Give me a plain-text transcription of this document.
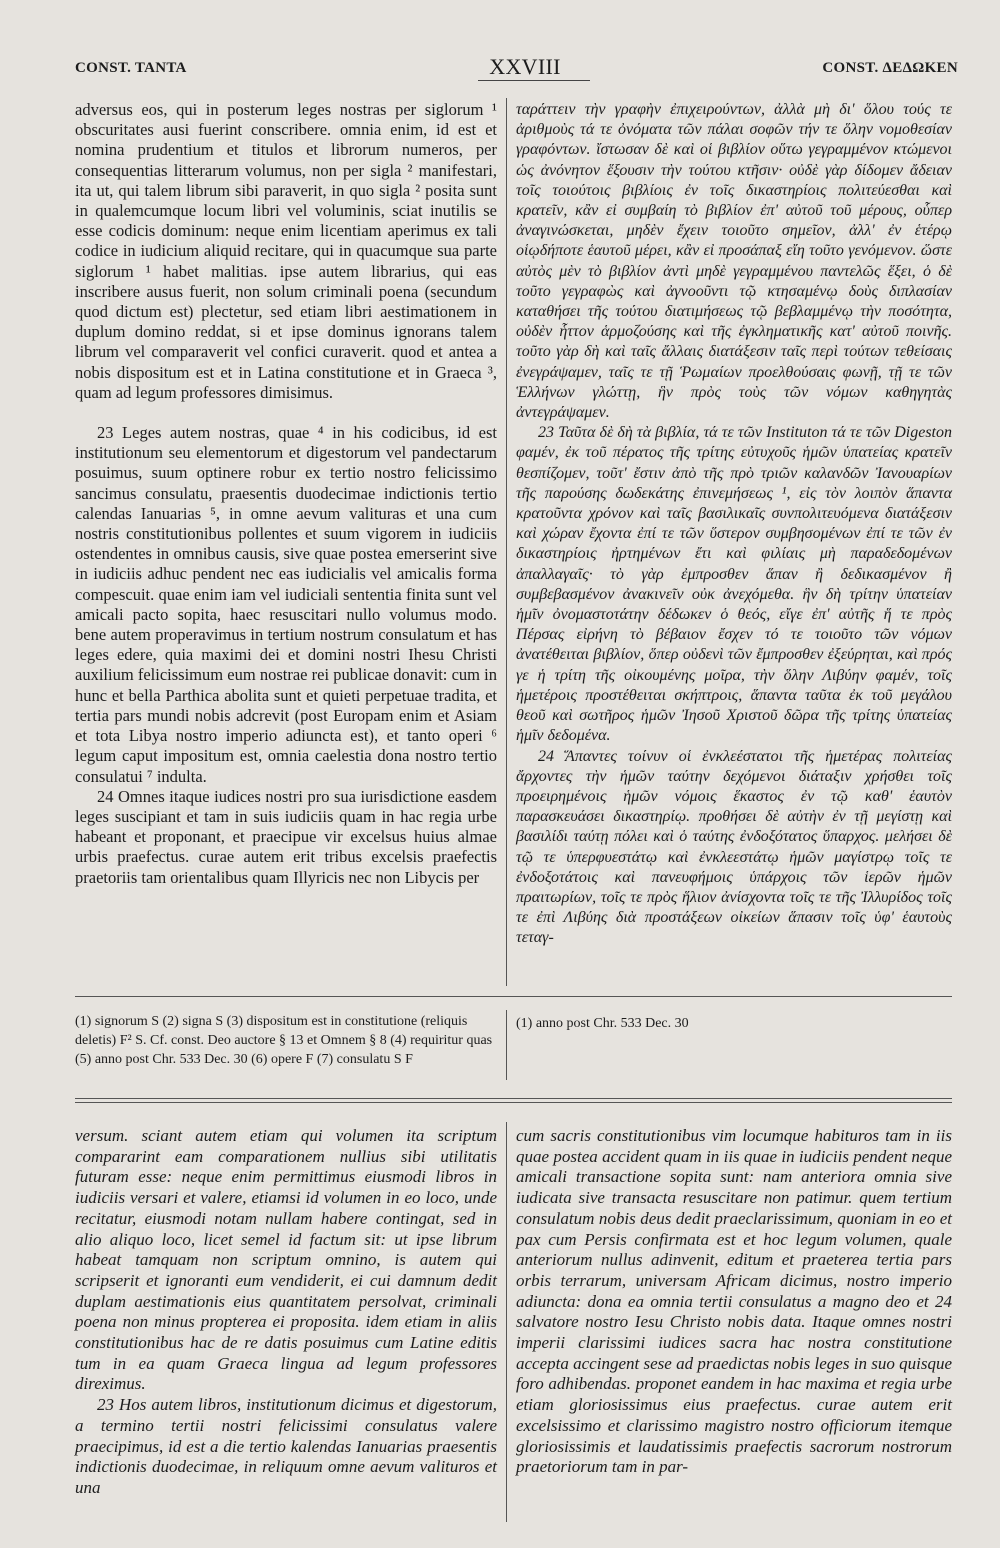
CONST. TANTA	XXVIII	CONST. ΔΕΔΩΚΕΝ

adversus eos, qui in posterum leges nostras per siglorum ¹ obscuritates ausi fuerint conscribere. omnia enim, id est et nomina prudentium et titulos et librorum numeros, per consequentias litterarum volumus, non per sigla ² manifestari, ita ut, qui talem librum sibi paraverit, in quo sigla ² posita sunt in qualemcumque locum libri vel voluminis, sciat inutilis se esse codicis dominum: neque enim licentiam aperimus ex tali codice in iudicium aliquid recitare, qui in quacumque sua parte siglorum ¹ habet malitias. ipse autem librarius, qui eas inscribere ausus fuerit, non solum criminali poena (secundum quod dictum est) plectetur, sed etiam libri aestimationem in duplum domino reddat, si et ipse dominus ignorans talem librum vel comparaverit vel confici curaverit. quod et antea a nobis dispositum est et in Latina constitutione et in Graeca ³, quam ad legum professores dimisimus.

23 Leges autem nostras, quae ⁴ in his codicibus, id est institutionum seu elementorum et digestorum vel pandectarum posuimus, suum optinere robur ex tertio nostro felicissimo sancimus consulatu, praesentis duodecimae indictionis tertio calendas Ianuarias ⁵, in omne aevum valituras et una cum nostris constitutionibus pollentes et suum vigorem in iudiciis ostendentes in omnibus causis, sive quae postea emerserint sive in iudiciis adhuc pendent nec eas iudicialis vel amicalis forma compescuit. quae enim iam vel iudiciali sententia finita sunt vel amicali pacto sopita, haec resuscitari nullo volumus modo. bene autem properavimus in tertium nostrum consulatum et has leges edere, quia maximi dei et domini nostri Ihesu Christi auxilium felicissimum eum nostrae rei publicae donavit: cum in hunc et bella Parthica abolita sunt et quieti perpetuae tradita, et tertia pars mundi nobis adcrevit (post Europam enim et Asiam et tota Libya nostro imperio adiuncta est), et tanto operi ⁶ legum caput impositum est, omnia caelestia dona nostro tertio consulatui ⁷ indulta.

24 Omnes itaque iudices nostri pro sua iurisdictione easdem leges suscipiant et tam in suis iudiciis quam in hac regia urbe habeant et proponant, et praecipue vir excelsus huius almae urbis praefectus. curae autem erit tribus excelsis praefectis praetoriis tam orientalibus quam Illyricis nec non Libycis per

ταράττειν τὴν γραφὴν ἐπιχειρούντων, ἀλλὰ μὴ δι' ὅλου τούς τε ἀριθμοὺς τά τε ὀνόματα τῶν πάλαι σοφῶν τήν τε ὅλην νομοθεσίαν γραφόντων. ἴστωσαν δὲ καὶ οἱ βιβλίον οὕτω γεγραμμένον κτώμενοι ὡς ἀνόνητον ἕξουσιν τὴν τούτου κτῆσιν· οὐδὲ γὰρ δίδομεν ἄδειαν τοῖς τοιούτοις βιβλίοις ἐν τοῖς δικαστηρίοις πολιτεύεσθαι καὶ κρατεῖν, κἂν εἰ συμβαίη τὸ βιβλίον ἐπ' αὐτοῦ τοῦ μέρους, οὗπερ ἀναγινώσκεται, μηδὲν ἔχειν τοιοῦτο σημεῖον, ἀλλ' ἐν ἑτέρῳ οἱῳδήποτε ἑαυτοῦ μέρει, κἂν εἰ προσάπαξ εἴη τοῦτο γενόμενον. ὥστε αὐτὸς μὲν τὸ βιβλίον ἀντὶ μηδὲ γεγραμμένου παντελῶς ἕξει, ὁ δὲ τοῦτο γεγραφὼς καὶ ἀγνοοῦντι τῷ κτησαμένῳ δοὺς διπλασίαν καταθήσει τῆς τούτου διατιμήσεως τῷ βεβλαμμένῳ τὴν ποσότητα, οὐδὲν ἧττον ἁρμοζούσης καὶ τῆς ἐγκληματικῆς κατ' αὐτοῦ ποινῆς. τοῦτο γὰρ δὴ καὶ ταῖς ἄλλαις διατάξεσιν ταῖς περὶ τούτων τεθείσαις ἐνεγράψαμεν, ταῖς τε τῇ Ῥωμαίων προελθούσαις φωνῇ, τῇ τε τῶν Ἑλλήνων γλώττῃ, ἣν πρὸς τοὺς τῶν νόμων καθηγητὰς ἀντεγράψαμεν.

23 Ταῦτα δὲ δὴ τὰ βιβλία, τά τε τῶν Instituton τά τε τῶν Digeston φαμέν, ἐκ τοῦ πέρατος τῆς τρίτης εὐτυχοῦς ἡμῶν ὑπατείας κρατεῖν θεσπίζομεν, τοῦτ' ἔστιν ἀπὸ τῆς πρὸ τριῶν καλανδῶν Ἰανουαρίων τῆς παρούσης δωδεκάτης ἐπινεμήσεως ¹, εἰς τὸν λοιπὸν ἅπαντα κρατοῦντα χρόνον καὶ ταῖς βασιλικαῖς συνπολιτευόμενα διατάξεσιν καὶ χώραν ἔχοντα ἐπί τε τῶν ὕστερον συμβησομένων ἐπί τε τῶν ἐν δικαστηρίοις ἠρτημένων ἔτι καὶ φιλίαις μὴ παραδεδομένων ἀπαλλαγαῖς· τὸ γὰρ ἐμπροσθεν ἅπαν ἢ δεδικασμένον ἢ συμβεβασμένον ἀνακινεῖν οὐκ ἀνεχόμεθα. ἣν δὴ τρίτην ὑπατείαν ἡμῖν ὀνομαστοτάτην δέδωκεν ὁ θεός, εἴγε ἐπ' αὐτῆς ἥ τε πρὸς Πέρσας εἰρήνη τὸ βέβαιον ἔσχεν τό τε τοιοῦτο τῶν νόμων ἀνατέθειται βιβλίον, ὅπερ οὐδενὶ τῶν ἔμπροσθεν ἐξεύρηται, καὶ πρός γε ἡ τρίτη τῆς οἰκουμένης μοῖρα, τὴν ὅλην Λιβύην φαμέν, τοῖς ἡμετέροις προστέθειται σκήπτροις, ἅπαντα ταῦτα ἐκ τοῦ μεγάλου θεοῦ καὶ σωτῆρος ἡμῶν Ἰησοῦ Χριστοῦ δῶρα τῆς τρίτης ὑπατείας ἡμῖν δεδομένα.

24 Ἅπαντες τοίνυν οἱ ἐνκλεέστατοι τῆς ἡμετέρας πολιτείας ἄρχοντες τὴν ἡμῶν ταύτην δεχόμενοι διάταξιν χρήσθει τοῖς προειρημένοις ἡμῶν νόμοις ἕκαστος ἐν τῷ καθ' ἑαυτὸν παρασκευάσει δικαστηρίῳ. προθήσει δὲ αὐτὴν ἐν τῇ μεγίστῃ καὶ βασιλίδι ταύτῃ πόλει καὶ ὁ ταύτης ἐνδοξότατος ὕπαρχος. μελήσει δὲ τῷ τε ὑπερφυεστάτῳ καὶ ἐνκλεεστάτῳ ἡμῶν μαγίστρῳ τοῖς τε ἐνδοξοτάτοις καὶ πανευφήμοις ὑπάρχοις τῶν ἱερῶν ἡμῶν πραιτωρίων, τοῖς τε πρὸς ἥλιον ἀνίσχοντα τοῖς τε τῆς Ἰλλυρίδος τοῖς τε ἐπὶ Λιβύης διὰ προστάξεων οἰκείων ἅπασιν τοῖς ὑφ' ἑαυτοὺς τεταγ-

(1) signorum S (2) signa S (3) dispositum est in constitutione (reliquis deletis) F² S. Cf. const. Deo auctore § 13 et Omnem § 8 (4) requiritur quas (5) anno post Chr. 533 Dec. 30 (6) opere F (7) consulatu S F
(1) anno post Chr. 533 Dec. 30

versum. sciant autem etiam qui volumen ita scriptum compararint eam comparationem nullius sibi utilitatis futuram esse: neque enim permittimus eiusmodi libros in iudiciis versari et valere, etiamsi id volumen in eo loco, unde recitatur, eiusmodi notam nullam habere contingat, sed in alio aliquo loco, licet semel id factum sit: ut ipse librum habeat tamquam non scriptum omnino, is autem qui scripserit et ignoranti eum vendiderit, ei cui damnum dedit duplam aestimationis eius quantitatem persolvat, criminali poena non minus propterea ei proposita. idem etiam in aliis constitutionibus hac de re datis posuimus cum Latine editis tum in ea quam Graeca lingua ad legum professores direximus.

23 Hos autem libros, institutionum dicimus et digestorum, a termino tertii nostri felicissimi consulatus valere praecipimus, id est a die tertio kalendas Ianuarias praesentis indictionis duodecimae, in reliquum omne aevum valituros et una

cum sacris constitutionibus vim locumque habituros tam in iis quae postea accident quam in iis quae in iudiciis pendent neque amicali transactione sopita sunt: nam anteriora omnia sive iudicata sive transacta resuscitare non patimur. quem tertium consulatum nobis deus dedit praeclarissimum, quoniam in eo et pax cum Persis confirmata est et hoc legum volumen, quale anteriorum nullus adinvenit, editum et praeterea tertia pars orbis terrarum, universam Africam dicimus, nostro imperio adiuncta: dona ea omnia tertii consulatus a magno deo et 24 salvatore nostro Iesu Christo nobis data. Itaque omnes nostri imperii clarissimi iudices sacra hac nostra constitutione accepta accingent sese ad praedictas nobis leges in suo quisque foro adhibendas. proponet eandem in hac maxima et regia urbe etiam gloriosissimus eius praefectus. curae autem erit excelsissimo et clarissimo magistro nostro officiorum itemque gloriosissimis et laudatissimis praefectis sacrorum nostrorum praetoriorum tam in par-
